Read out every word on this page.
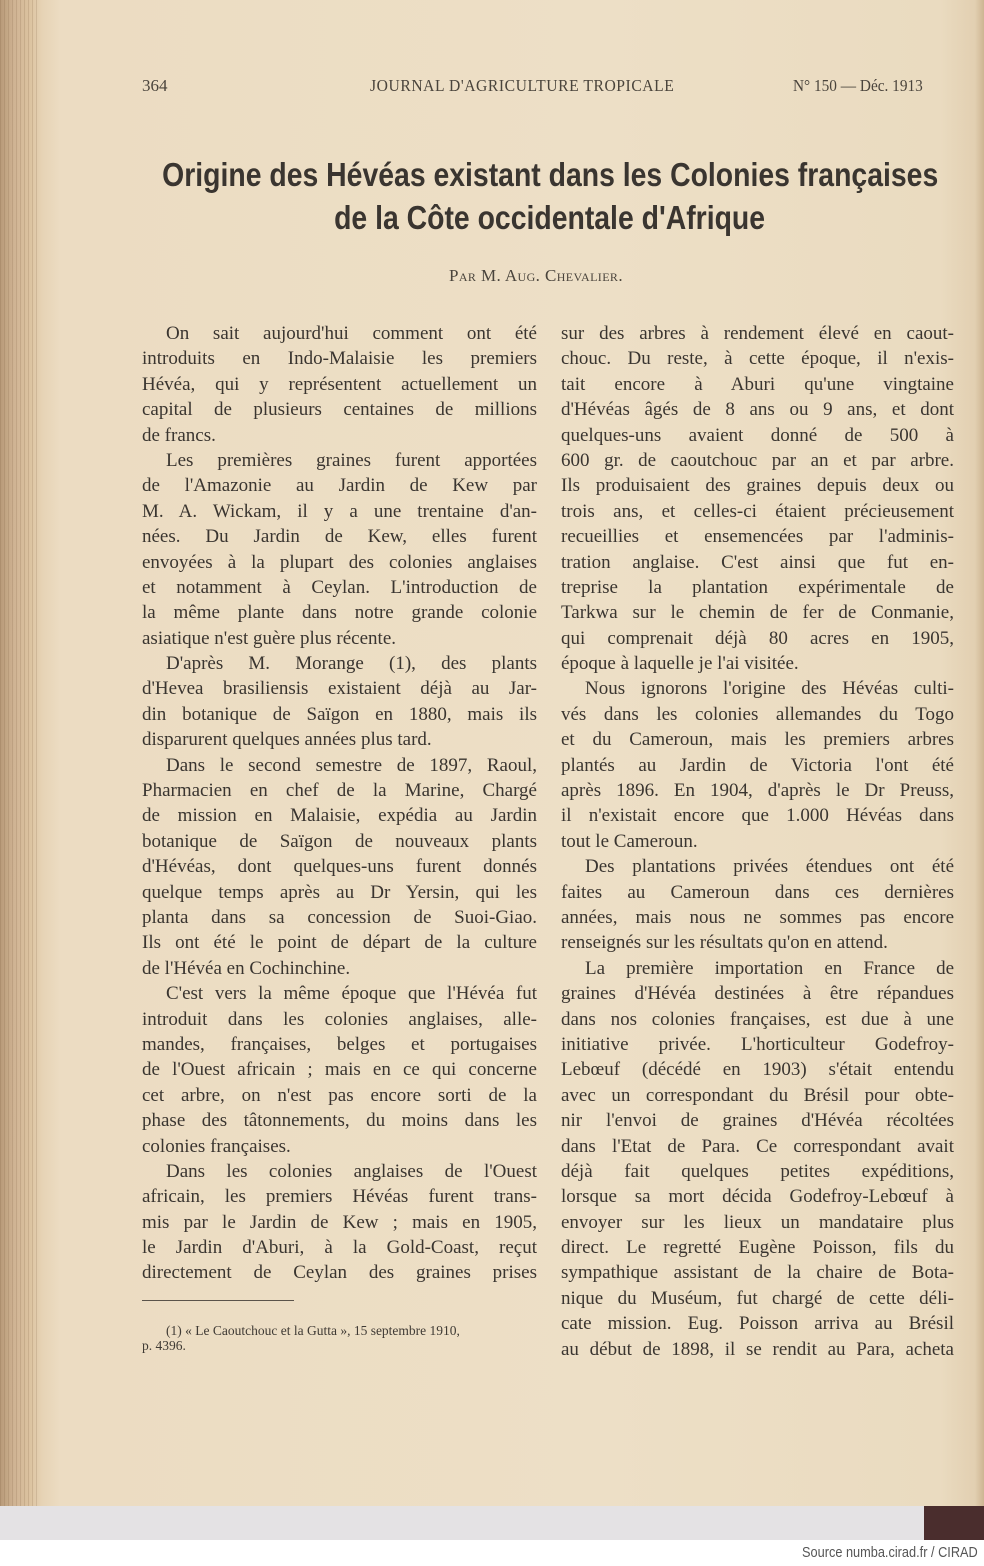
364	JOURNAL D'AGRICULTURE TROPICALE	N° 150 — Déc. 1913
Origine des Hévéas existant dans les Colonies françaises
de la Côte occidentale d'Afrique
Par M. Aug. Chevalier.
On sait aujourd'hui comment ont été
introduits en Indo-Malaisie les premiers
Hévéa, qui y représentent actuellement un
capital de plusieurs centaines de millions
de francs.
Les premières graines furent apportées
de l'Amazonie au Jardin de Kew par
M. A. Wickam, il y a une trentaine d'an-
nées. Du Jardin de Kew, elles furent
envoyées à la plupart des colonies anglaises
et notamment à Ceylan. L'introduction de
la même plante dans notre grande colonie
asiatique n'est guère plus récente.
D'après M. Morange (1), des plants
d'Hevea brasiliensis existaient déjà au Jar-
din botanique de Saïgon en 1880, mais ils
disparurent quelques années plus tard.
Dans le second semestre de 1897, Raoul,
Pharmacien en chef de la Marine, Chargé
de mission en Malaisie, expédia au Jardin
botanique de Saïgon de nouveaux plants
d'Hévéas, dont quelques-uns furent donnés
quelque temps après au Dr Yersin, qui les
planta dans sa concession de Suoi-Giao.
Ils ont été le point de départ de la culture
de l'Hévéa en Cochinchine.
C'est vers la même époque que l'Hévéa fut
introduit dans les colonies anglaises, alle-
mandes, françaises, belges et portugaises
de l'Ouest africain ; mais en ce qui concerne
cet arbre, on n'est pas encore sorti de la
phase des tâtonnements, du moins dans les
colonies françaises.
Dans les colonies anglaises de l'Ouest
africain, les premiers Hévéas furent trans-
mis par le Jardin de Kew ; mais en 1905,
le Jardin d'Aburi, à la Gold-Coast, reçut
directement de Ceylan des graines prises
sur des arbres à rendement élevé en caout-
chouc. Du reste, à cette époque, il n'exis-
tait encore à Aburi qu'une vingtaine
d'Hévéas âgés de 8 ans ou 9 ans, et dont
quelques-uns avaient donné de 500 à
600 gr. de caoutchouc par an et par arbre.
Ils produisaient des graines depuis deux ou
trois ans, et celles-ci étaient précieusement
recueillies et ensemencées par l'adminis-
tration anglaise. C'est ainsi que fut en-
treprise la plantation expérimentale de
Tarkwa sur le chemin de fer de Conmanie,
qui comprenait déjà 80 acres en 1905,
époque à laquelle je l'ai visitée.
Nous ignorons l'origine des Hévéas culti-
vés dans les colonies allemandes du Togo
et du Cameroun, mais les premiers arbres
plantés au Jardin de Victoria l'ont été
après 1896. En 1904, d'après le Dr Preuss,
il n'existait encore que 1.000 Hévéas dans
tout le Cameroun.
Des plantations privées étendues ont été
faites au Cameroun dans ces dernières
années, mais nous ne sommes pas encore
renseignés sur les résultats qu'on en attend.
La première importation en France de
graines d'Hévéa destinées à être répandues
dans nos colonies françaises, est due à une
initiative privée. L'horticulteur Godefroy-
Lebœuf (décédé en 1903) s'était entendu
avec un correspondant du Brésil pour obte-
nir l'envoi de graines d'Hévéa récoltées
dans l'Etat de Para. Ce correspondant avait
déjà fait quelques petites expéditions,
lorsque sa mort décida Godefroy-Lebœuf à
envoyer sur les lieux un mandataire plus
direct. Le regretté Eugène Poisson, fils du
sympathique assistant de la chaire de Bota-
nique du Muséum, fut chargé de cette déli-
cate mission. Eug. Poisson arriva au Brésil
au début de 1898, il se rendit au Para, acheta
(1) « Le Caoutchouc et la Gutta », 15 septembre 1910,
p. 4396.
Source numba.cirad.fr / CIRAD
